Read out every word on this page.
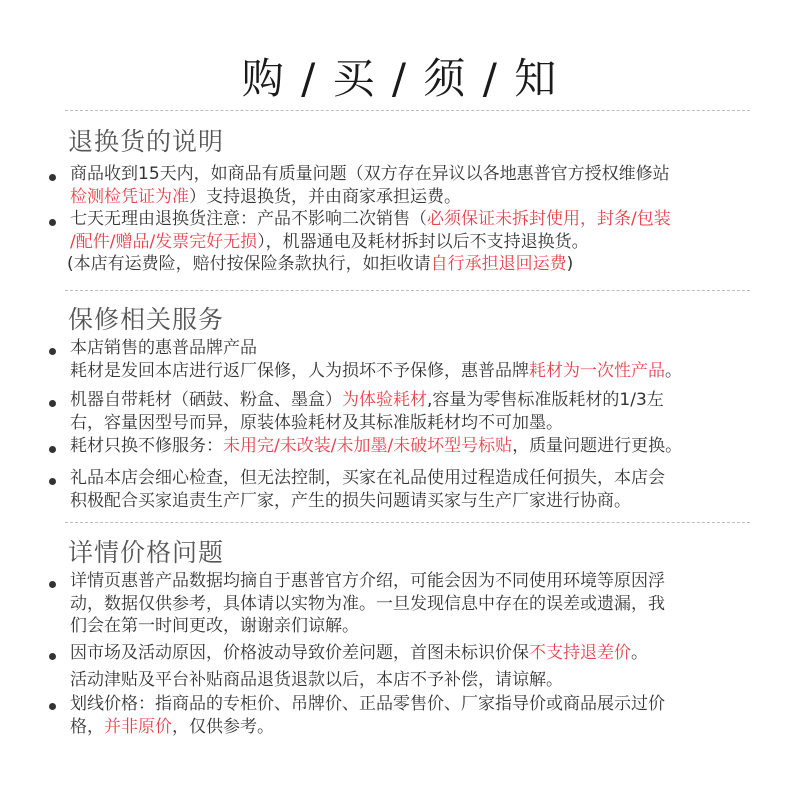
购 / 买 / 须 / 知
退换货的说明
商品收到15天内，如商品有质量问题（双方存在异议以各地惠普官方授权维修站
检测检凭证为准）支持退换货，并由商家承担运费。
七天无理由退换货注意：产品不影响二次销售（必须保证未拆封使用，封条/包装
/配件/赠品/发票完好无损），机器通电及耗材拆封以后不支持退换货。
(本店有运费险，赔付按保险条款执行，如拒收请自行承担退回运费)
保修相关服务
本店销售的惠普品牌产品
耗材是发回本店进行返厂保修，人为损坏不予保修，惠普品牌耗材为一次性产品。
机器自带耗材（硒鼓、粉盒、墨盒）为体验耗材,容量为零售标准版耗材的1/3左
右，容量因型号而异，原装体验耗材及其标准版耗材均不可加墨。
耗材只换不修服务：未用完/未改装/未加墨/未破坏型号标贴，质量问题进行更换。
礼品本店会细心检查，但无法控制，买家在礼品使用过程造成任何损失，本店会
积极配合买家追责生产厂家，产生的损失问题请买家与生产厂家进行协商。
详情价格问题
详情页惠普产品数据均摘自于惠普官方介绍，可能会因为不同使用环境等原因浮
动，数据仅供参考，具体请以实物为准。一旦发现信息中存在的误差或遗漏，我
们会在第一时间更改，谢谢亲们谅解。
因市场及活动原因，价格波动导致价差问题，首图未标识价保不支持退差价。
活动津贴及平台补贴商品退货退款以后，本店不予补偿，请谅解。
划线价格：指商品的专柜价、吊牌价、正品零售价、厂家指导价或商品展示过价
格，并非原价，仅供参考。
